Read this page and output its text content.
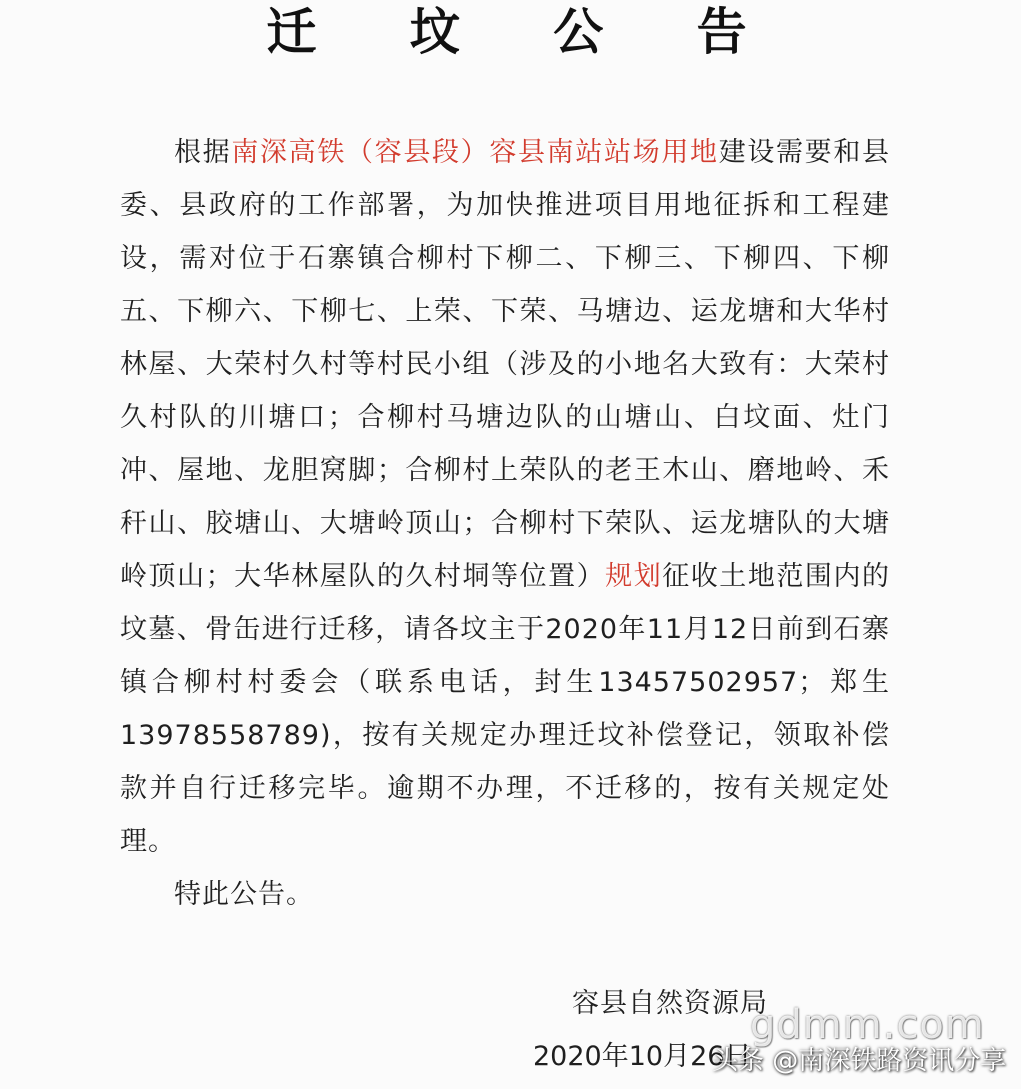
迁 坟 公 告

根据南深高铁（容县段）容县南站站场用地建设需要和县委、县政府的工作部署，为加快推进项目用地征拆和工程建设，需对位于石寨镇合柳村下柳二、下柳三、下柳四、下柳五、下柳六、下柳七、上荣、下荣、马塘边、运龙塘和大华村林屋、大荣村久村等村民小组（涉及的小地名大致有：大荣村久村队的川塘口；合柳村马塘边队的山塘山、白坟面、灶门冲、屋地、龙胆窝脚；合柳村上荣队的老王木山、磨地岭、禾秆山、胶塘山、大塘岭顶山；合柳村下荣队、运龙塘队的大塘岭顶山；大华林屋队的久村垌等位置）规划征收土地范围内的坟墓、骨缶进行迁移，请各坟主于2020年11月12日前到石寨镇合柳村村委会（联系电话，封生13457502957；郑生13978558789)，按有关规定办理迁坟补偿登记，领取补偿款并自行迁移完毕。逾期不办理，不迁移的，按有关规定处理。

特此公告。

容县自然资源局
2020年10月26日
gdmm.com
头条 @南深铁路资讯分享
